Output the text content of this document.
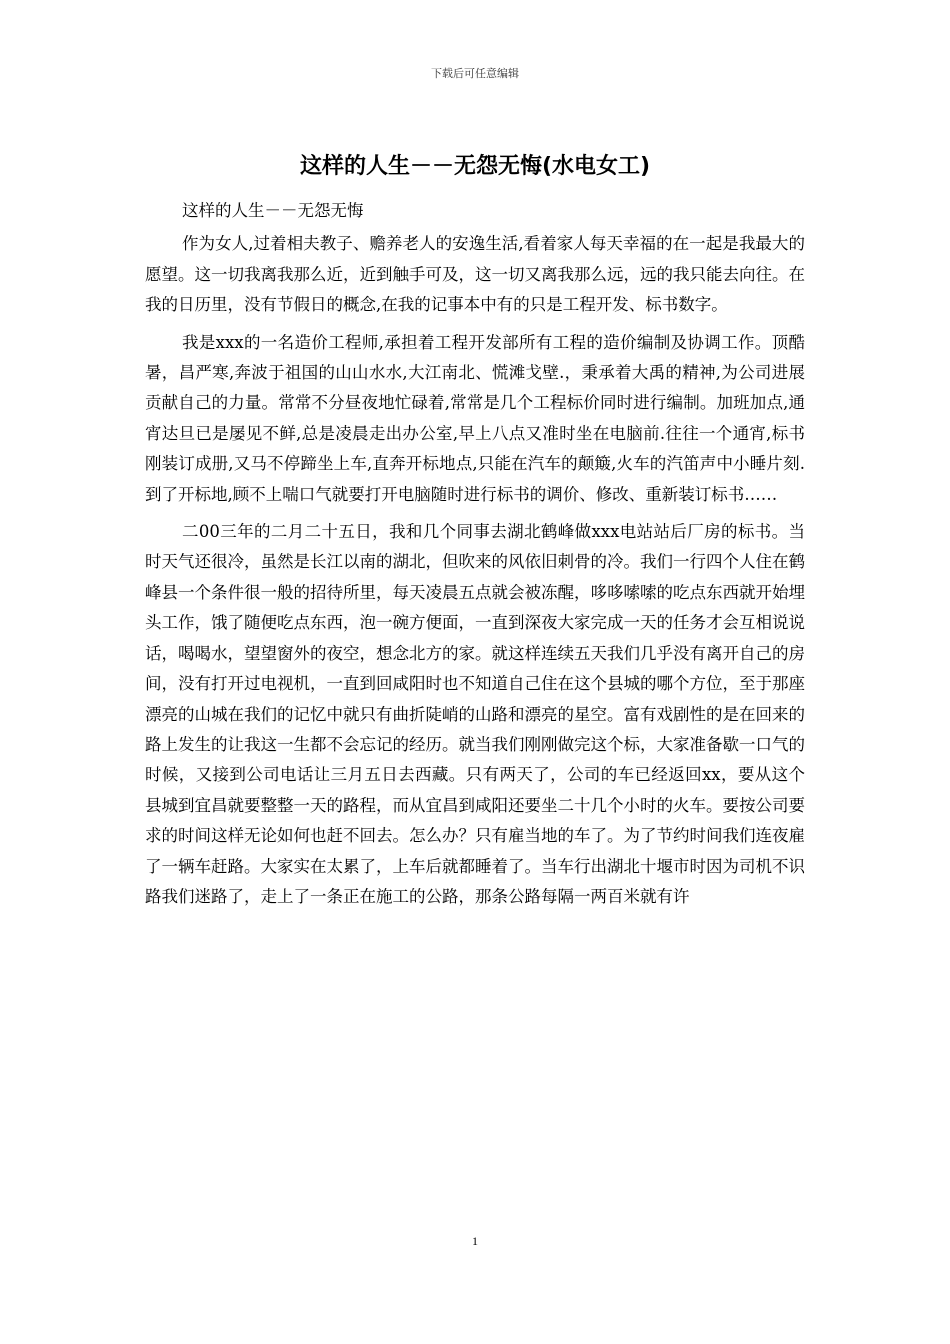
下载后可任意编辑
这样的人生－－无怨无悔(水电女工)

这样的人生－－无怨无悔

作为女人,过着相夫教子、赡养老人的安逸生活,看着家人每天幸福的在一起是我最大的愿望。这一切我离我那么近，近到触手可及，这一切又离我那么远，远的我只能去向往。在我的日历里，没有节假日的概念,在我的记事本中有的只是工程开发、标书数字。

我是xxx的一名造价工程师,承担着工程开发部所有工程的造价编制及协调工作。顶酷暑，昌严寒,奔波于祖国的山山水水,大江南北、慌滩戈壁.，秉承着大禹的精神,为公司进展贡献自己的力量。常常不分昼夜地忙碌着,常常是几个工程标价同时进行编制。加班加点,通宵达旦已是屡见不鲜,总是凌晨走出办公室,早上八点又准时坐在电脑前.往往一个通宵,标书刚装订成册,又马不停蹄坐上车,直奔开标地点,只能在汽车的颠簸,火车的汽笛声中小睡片刻.到了开标地,顾不上喘口气就要打开电脑随时进行标书的调价、修改、重新装订标书……

二00三年的二月二十五日，我和几个同事去湖北鹤峰做xxx电站站后厂房的标书。当时天气还很冷，虽然是长江以南的湖北，但吹来的风依旧刺骨的冷。我们一行四个人住在鹤峰县一个条件很一般的招待所里，每天凌晨五点就会被冻醒，哆哆嗦嗦的吃点东西就开始埋头工作，饿了随便吃点东西，泡一碗方便面，一直到深夜大家完成一天的任务才会互相说说话，喝喝水，望望窗外的夜空，想念北方的家。就这样连续五天我们几乎没有离开自己的房间，没有打开过电视机，一直到回咸阳时也不知道自己住在这个县城的哪个方位，至于那座漂亮的山城在我们的记忆中就只有曲折陡峭的山路和漂亮的星空。富有戏剧性的是在回来的路上发生的让我这一生都不会忘记的经历。就当我们刚刚做完这个标，大家准备歇一口气的时候，又接到公司电话让三月五日去西藏。只有两天了，公司的车已经返回xx，要从这个县城到宜昌就要整整一天的路程，而从宜昌到咸阳还要坐二十几个小时的火车。要按公司要求的时间这样无论如何也赶不回去。怎么办？只有雇当地的车了。为了节约时间我们连夜雇了一辆车赶路。大家实在太累了，上车后就都睡着了。当车行出湖北十堰市时因为司机不识路我们迷路了，走上了一条正在施工的公路，那条公路每隔一两百米就有许

1
